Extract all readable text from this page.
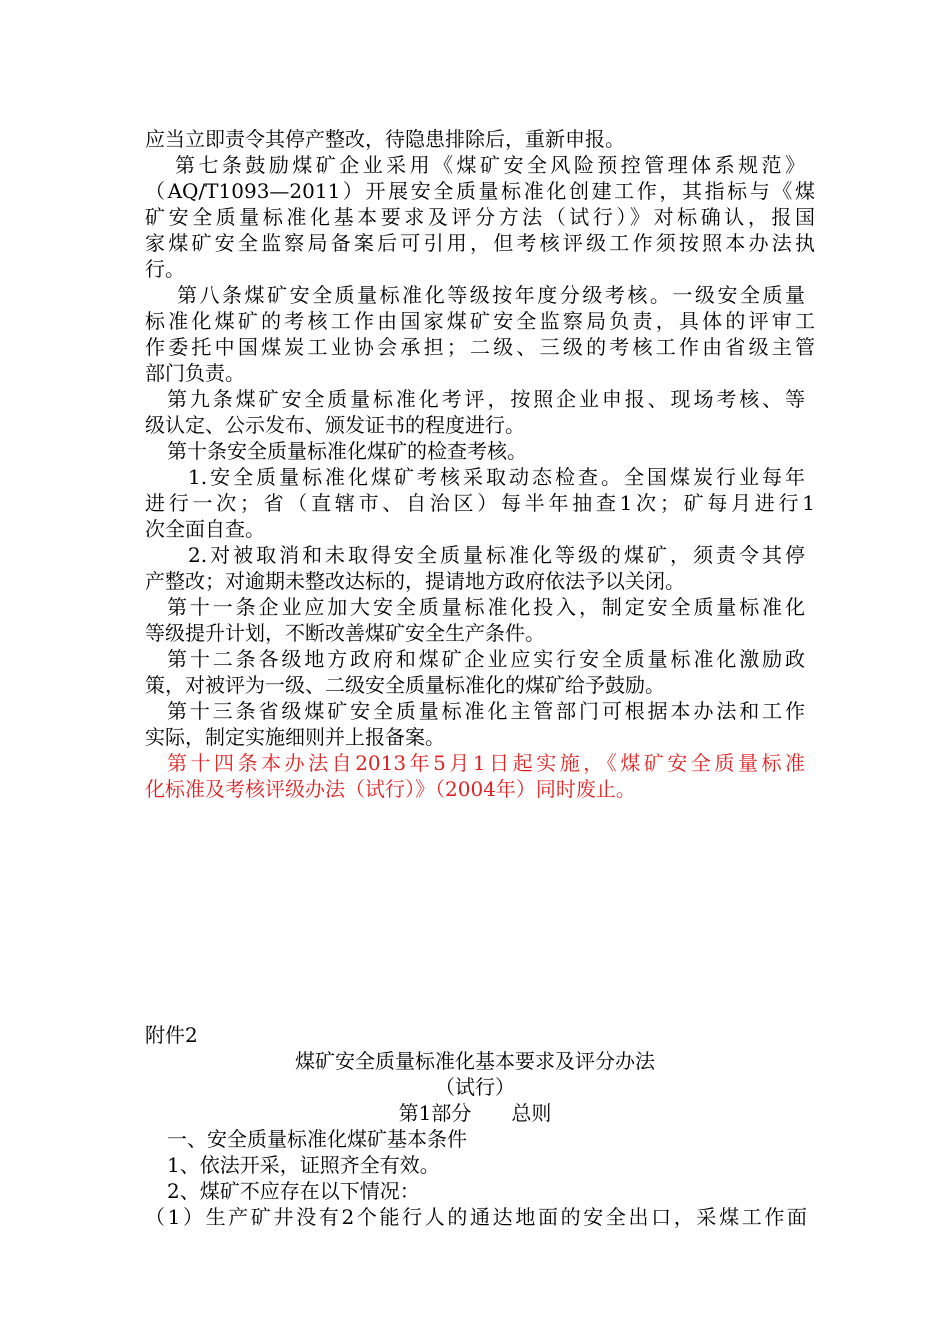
应当立即责令其停产整改，待隐患排除后，重新申报。
第七条鼓励煤矿企业采用《煤矿安全风险预控管理体系规范》
（AQ/T1093—2011）开展安全质量标准化创建工作，其指标与《煤
矿安全质量标准化基本要求及评分方法（试行）》对标确认，报国
家煤矿安全监察局备案后可引用，但考核评级工作须按照本办法执
行。
第八条煤矿安全质量标准化等级按年度分级考核。一级安全质量
标准化煤矿的考核工作由国家煤矿安全监察局负责，具体的评审工
作委托中国煤炭工业协会承担；二级、三级的考核工作由省级主管
部门负责。
第九条煤矿安全质量标准化考评，按照企业申报、现场考核、等
级认定、公示发布、颁发证书的程度进行。
第十条安全质量标准化煤矿的检查考核。
1.安全质量标准化煤矿考核采取动态检查。全国煤炭行业每年
进行一次；省（直辖市、自治区）每半年抽查1次；矿每月进行1
次全面自查。
2.对被取消和未取得安全质量标准化等级的煤矿，须责令其停
产整改；对逾期未整改达标的，提请地方政府依法予以关闭。
第十一条企业应加大安全质量标准化投入，制定安全质量标准化
等级提升计划，不断改善煤矿安全生产条件。
第十二条各级地方政府和煤矿企业应实行安全质量标准化激励政
策，对被评为一级、二级安全质量标准化的煤矿给予鼓励。
第十三条省级煤矿安全质量标准化主管部门可根据本办法和工作
实际，制定实施细则并上报备案。
第十四条本办法自2013年5月1日起实施，《煤矿安全质量标准
化标准及考核评级办法（试行）》（2004年）同时废止。
附件2
煤矿安全质量标准化基本要求及评分办法
（试行）
第1部分　　总则
一、安全质量标准化煤矿基本条件
1、依法开采，证照齐全有效。
2、煤矿不应存在以下情况：
（1）生产矿井没有2个能行人的通达地面的安全出口，采煤工作面
